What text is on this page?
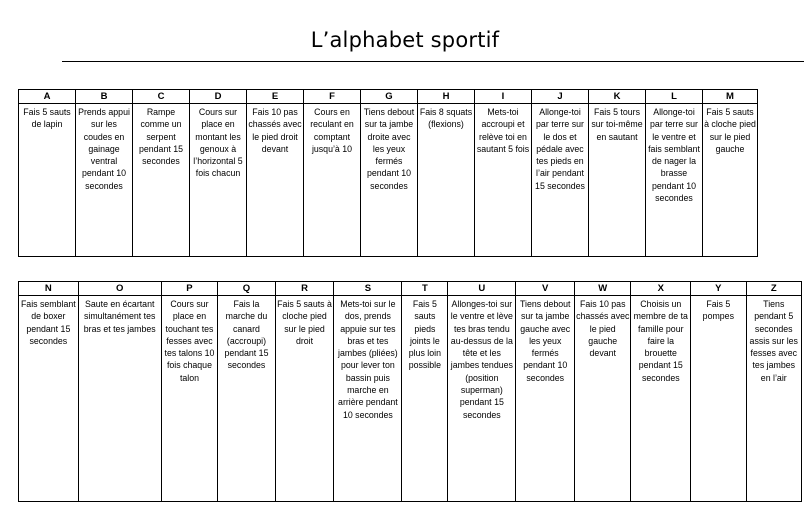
L’alphabet sportif
A	B	C	D	E	F	G	H	I	J	K	L	M
Fais 5 sauts de lapin	Prends appui sur les coudes en gainage ventral pendant 10 secondes	Rampe comme un serpent pendant 15 secondes	Cours sur place en montant les genoux à l’horizontal 5 fois chacun	Fais 10 pas chassés avec le pied droit devant	Cours en reculant en comptant jusqu’à 10	Tiens debout sur ta jambe droite avec les yeux fermés pendant 10 secondes	Fais 8 squats (flexions)	Mets-toi accroupi et relève toi en sautant 5 fois	Allonge-toi par terre sur le dos et pédale avec tes pieds en l’air pendant 15 secondes	Fais 5 tours sur toi-même en sautant	Allonge-toi par terre sur le ventre et fais semblant de nager la brasse pendant 10 secondes	Fais 5 sauts à cloche pied sur le pied gauche
N	O	P	Q	R	S	T	U	V	W	X	Y	Z
Fais semblant de boxer pendant 15 secondes	Saute en écartant simultanément tes bras et tes jambes	Cours sur place en touchant tes fesses avec tes talons 10 fois chaque talon	Fais la marche du canard (accroupi) pendant 15 secondes	Fais 5 sauts à cloche pied sur le pied droit	Mets-toi sur le dos, prends appuie sur tes bras et tes jambes (pliées) pour lever ton bassin puis marche en arrière pendant 10 secondes	Fais 5 sauts pieds joints le plus loin possible	Allonges-toi sur le ventre et lève tes bras tendu au-dessus de la tête et les jambes tendues (position superman) pendant 15 secondes	Tiens debout sur ta jambe gauche avec les yeux fermés pendant 10 secondes	Fais 10 pas chassés avec le pied gauche devant	Choisis un membre de ta famille pour faire la brouette pendant 15 secondes	Fais 5 pompes	Tiens pendant 5 secondes assis sur les fesses avec tes jambes en l’air
